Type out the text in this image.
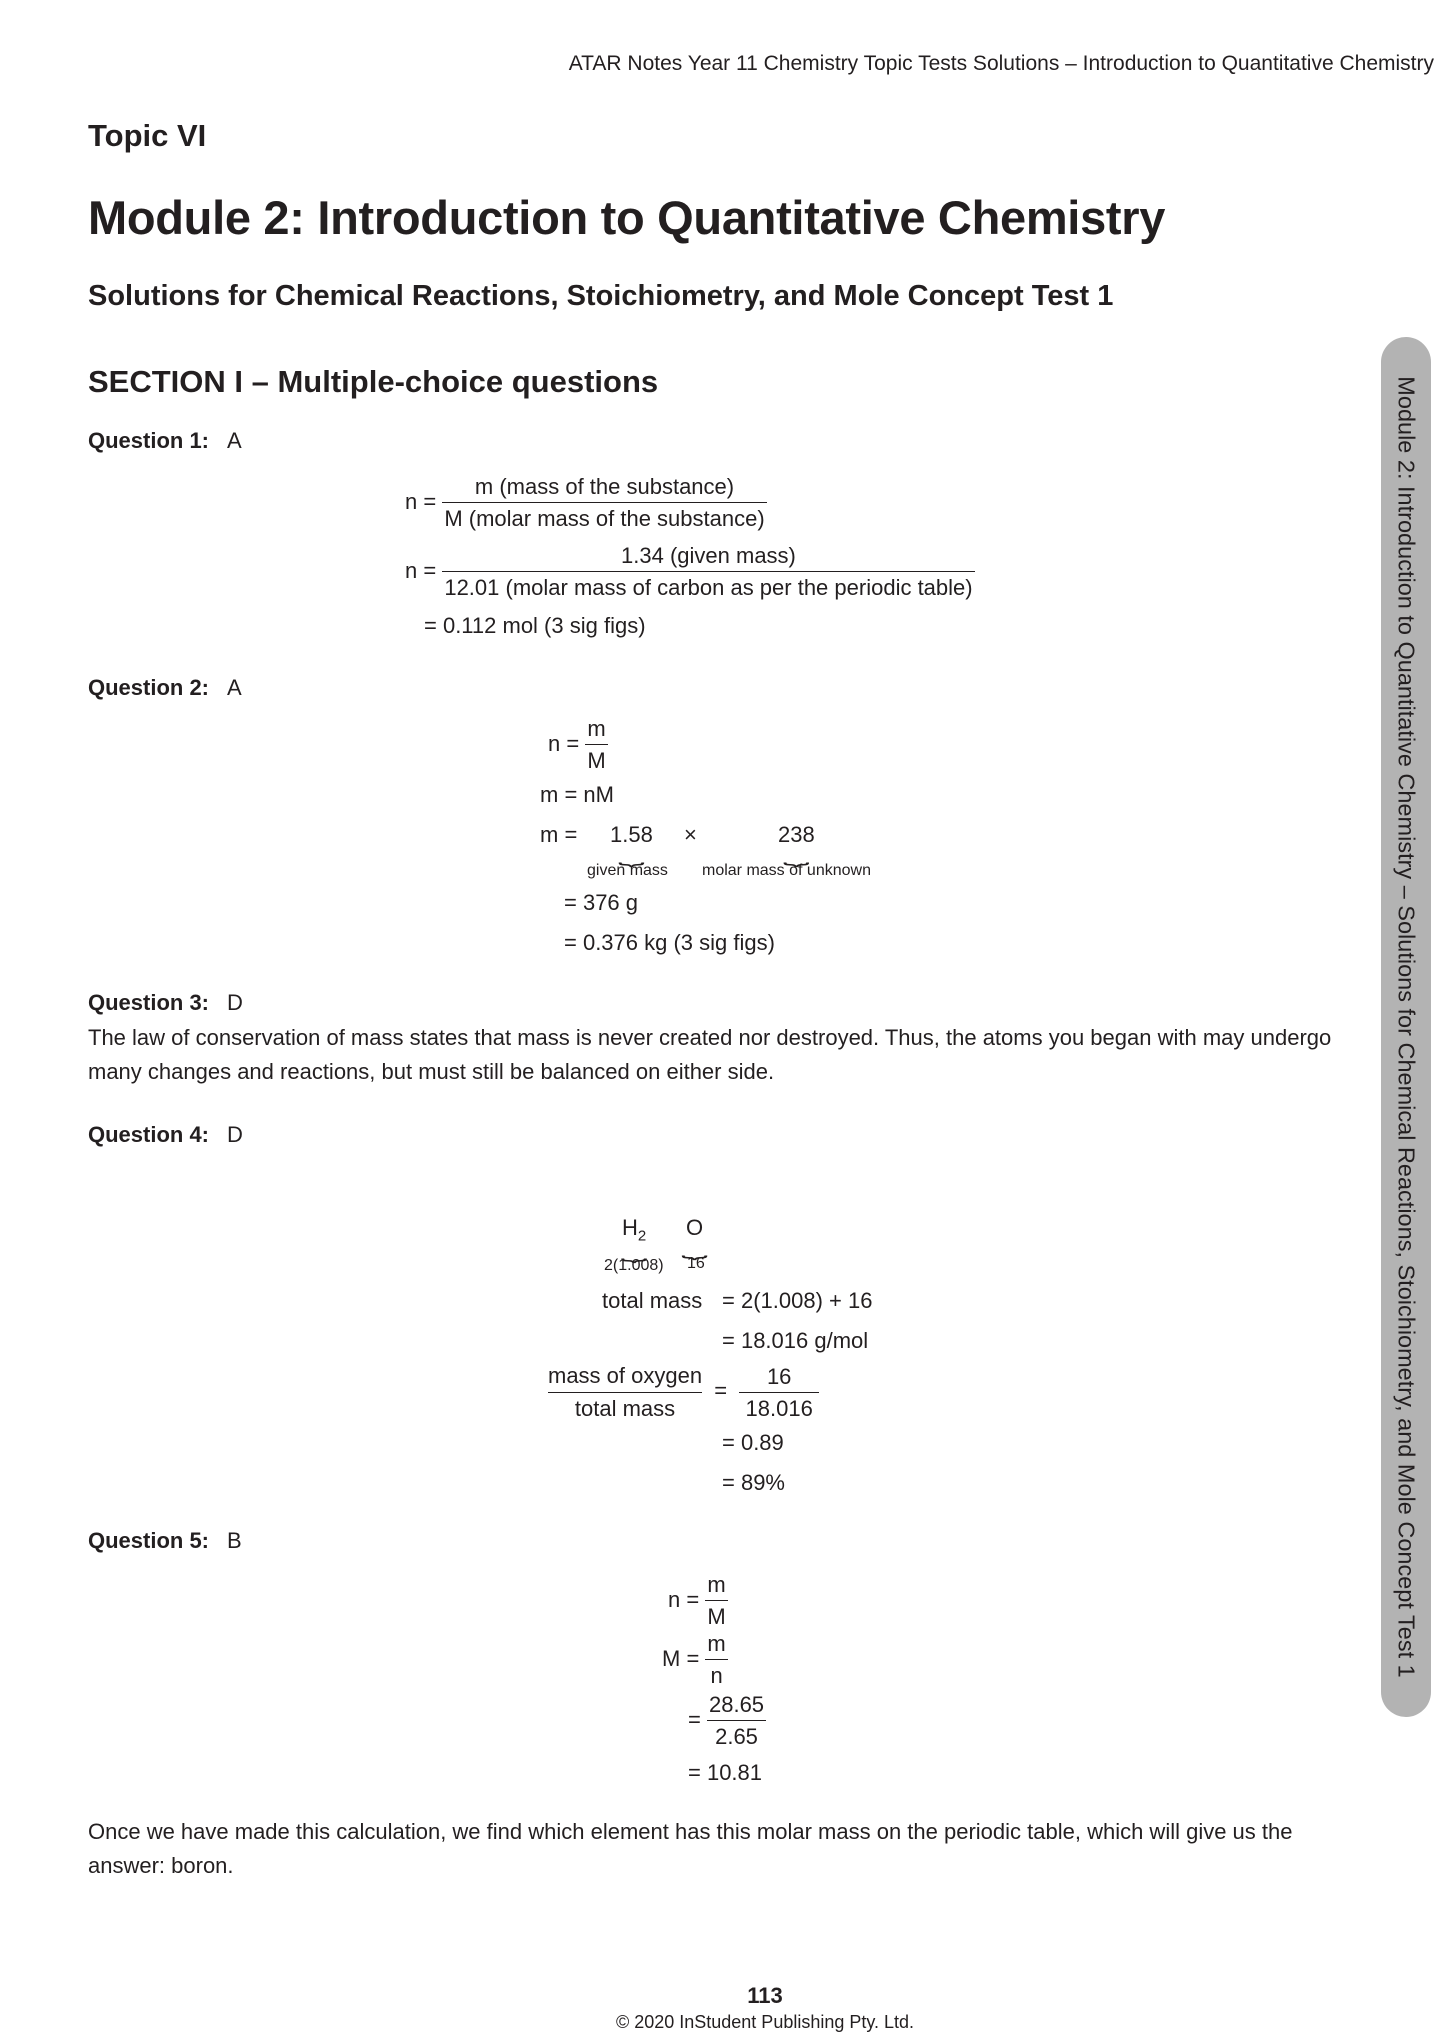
ATAR Notes Year 11 Chemistry Topic Tests Solutions – Introduction to Quantitative Chemistry
Topic VI
Module 2: Introduction to Quantitative Chemistry
Solutions for Chemical Reactions, Stoichiometry, and Mole Concept Test 1
SECTION I – Multiple-choice questions
Question 1: A
$n = \frac{\text{m (mass of the substance)}}{\text{M (molar mass of the substance)}}$
$n = \frac{\text{1.34 (given mass)}}{\text{12.01 (molar mass of carbon as per the periodic table)}}$
= 0.112 mol (3 sig figs)
Question 2: A
$n = \frac{m}{M}$
m = nM
m = 1.58
⏟
×	238
⏟
given mass molar mass of unknown
= 376 g
= 0.376 kg (3 sig figs)
Question 3: D
The law of conservation of mass states that mass is never created nor destroyed. Thus, the atoms you began with may undergo many changes and reactions, but must still be balanced on either side.
Question 4: D
$H_2$
⏟
O
⏟
2(1.008) 16
total mass = 2(1.008) + 16
= 18.016 g/mol
$\frac{\text{mass of oxygen}}{\text{total mass}} = \frac{16}{18.016}$
= 0.89
= 89%
Question 5: B
$n = \frac{m}{M}$
$M = \frac{m}{n}$
= $\frac{28.65}{2.65}$
= 10.81
Once we have made this calculation, we find which element has this molar mass on the periodic table, which will give us the answer: boron.
Module 2: Introduction to Quantitative Chemistry – Solutions for Chemical Reactions, Stoichiometry, and Mole Concept Test 1
113
© 2020 InStudent Publishing Pty. Ltd.
